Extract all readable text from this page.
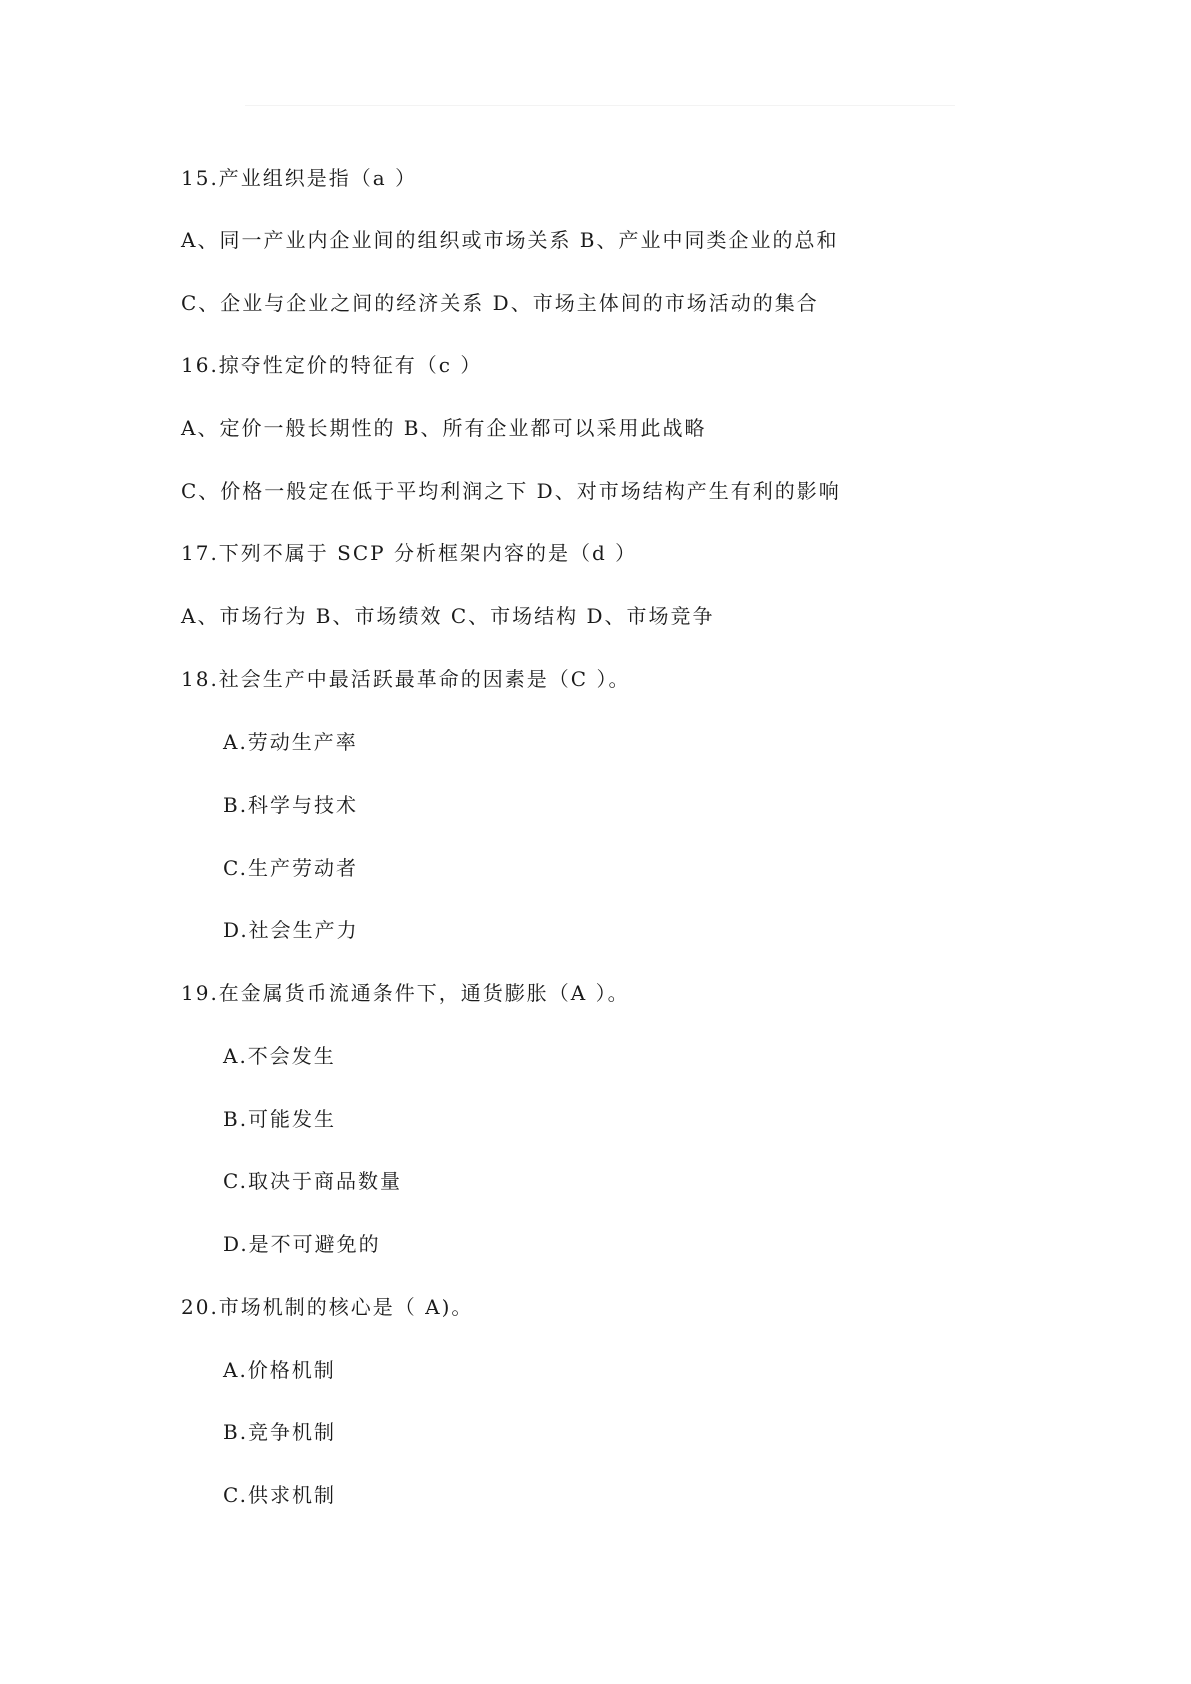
15.产业组织是指（a ）
A、同一产业内企业间的组织或市场关系 B、产业中同类企业的总和
C、企业与企业之间的经济关系 D、市场主体间的市场活动的集合
16.掠夺性定价的特征有（c ）
A、定价一般长期性的 B、所有企业都可以采用此战略
C、价格一般定在低于平均利润之下 D、对市场结构产生有利的影响
17.下列不属于 SCP 分析框架内容的是（d ）
A、市场行为 B、市场绩效 C、市场结构 D、市场竞争
18.社会生产中最活跃最革命的因素是（C ）。
A.劳动生产率
B.科学与技术
C.生产劳动者
D.社会生产力
19.在金属货币流通条件下，通货膨胀（A ）。
A.不会发生
B.可能发生
C.取决于商品数量
D.是不可避免的
20.市场机制的核心是（ A)。
A.价格机制
B.竞争机制
C.供求机制
